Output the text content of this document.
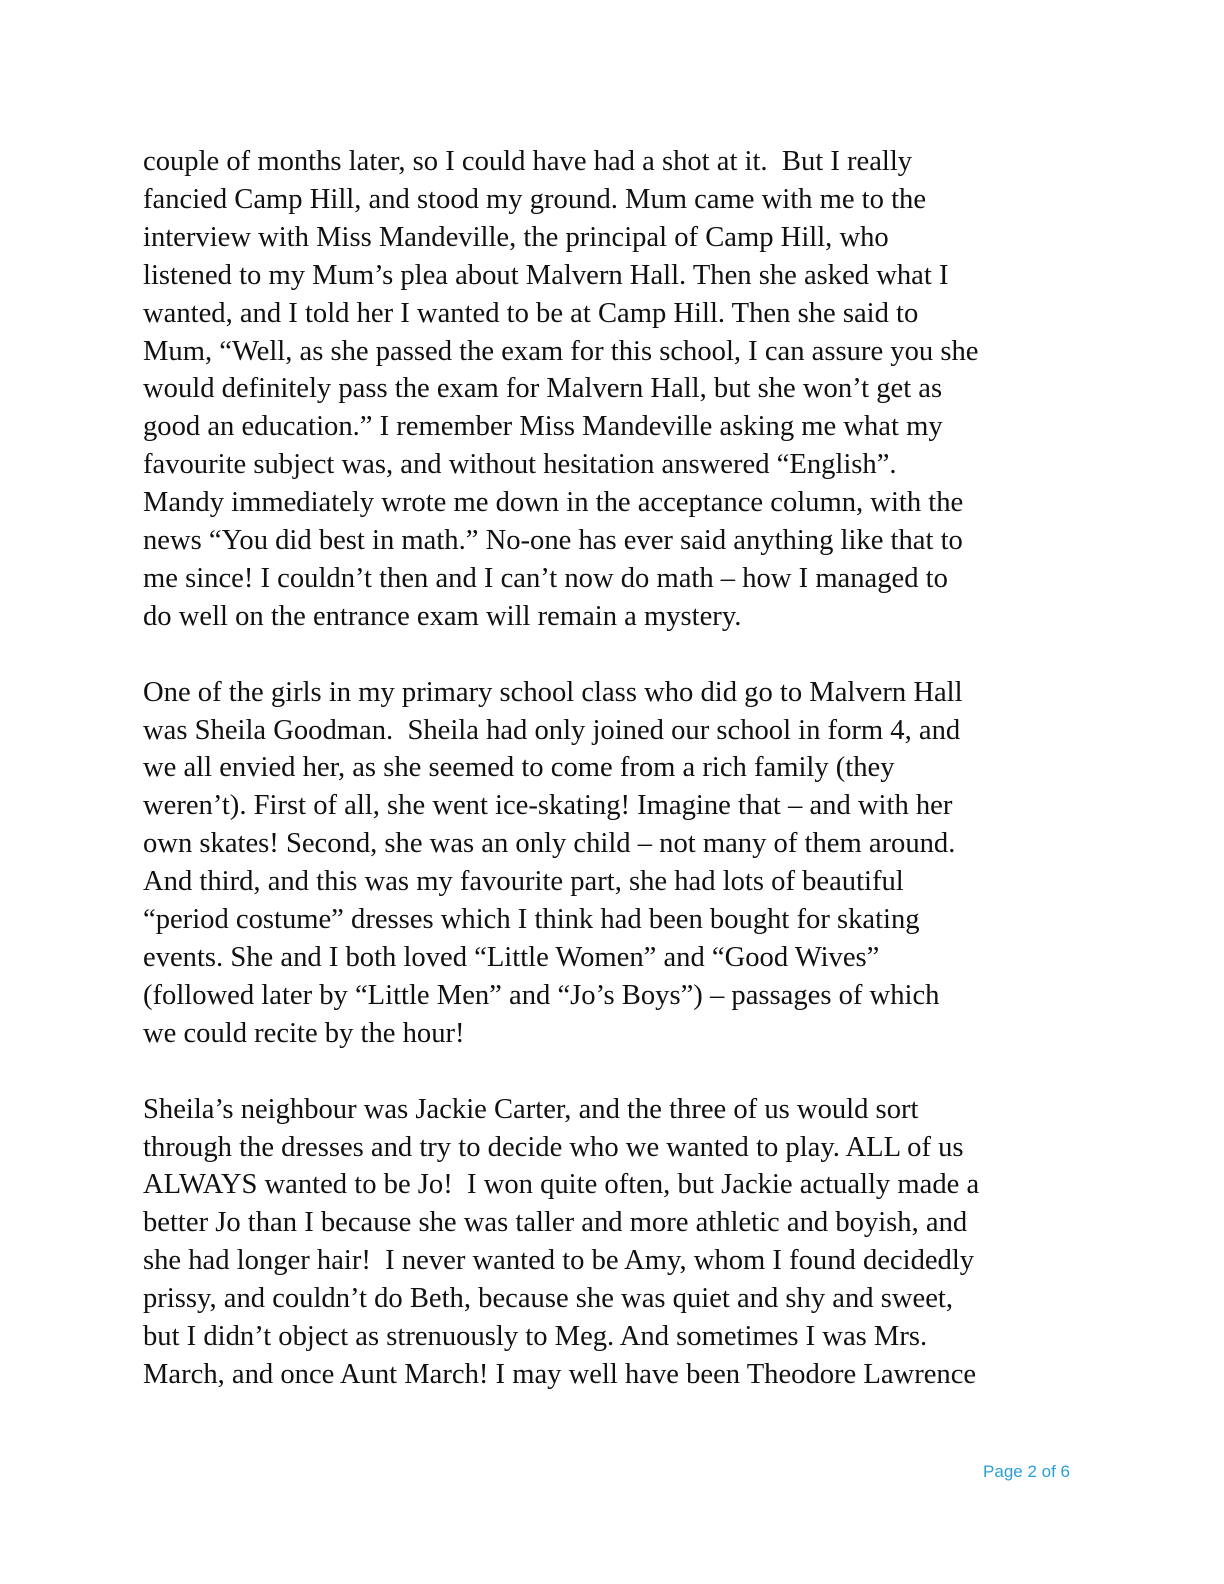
couple of months later, so I could have had a shot at it.  But I really
fancied Camp Hill, and stood my ground. Mum came with me to the
interview with Miss Mandeville, the principal of Camp Hill, who
listened to my Mum’s plea about Malvern Hall. Then she asked what I
wanted, and I told her I wanted to be at Camp Hill. Then she said to
Mum, “Well, as she passed the exam for this school, I can assure you she
would definitely pass the exam for Malvern Hall, but she won’t get as
good an education.” I remember Miss Mandeville asking me what my
favourite subject was, and without hesitation answered “English”.
Mandy immediately wrote me down in the acceptance column, with the
news “You did best in math.” No-one has ever said anything like that to
me since! I couldn’t then and I can’t now do math – how I managed to
do well on the entrance exam will remain a mystery.
One of the girls in my primary school class who did go to Malvern Hall
was Sheila Goodman.  Sheila had only joined our school in form 4, and
we all envied her, as she seemed to come from a rich family (they
weren’t). First of all, she went ice-skating! Imagine that – and with her
own skates! Second, she was an only child – not many of them around.
And third, and this was my favourite part, she had lots of beautiful
“period costume” dresses which I think had been bought for skating
events. She and I both loved “Little Women” and “Good Wives”
(followed later by “Little Men” and “Jo’s Boys”) – passages of which
we could recite by the hour!
Sheila’s neighbour was Jackie Carter, and the three of us would sort
through the dresses and try to decide who we wanted to play. ALL of us
ALWAYS wanted to be Jo!  I won quite often, but Jackie actually made a
better Jo than I because she was taller and more athletic and boyish, and
she had longer hair!  I never wanted to be Amy, whom I found decidedly
prissy, and couldn’t do Beth, because she was quiet and shy and sweet,
but I didn’t object as strenuously to Meg. And sometimes I was Mrs.
March, and once Aunt March! I may well have been Theodore Lawrence
Page 2 of 6
